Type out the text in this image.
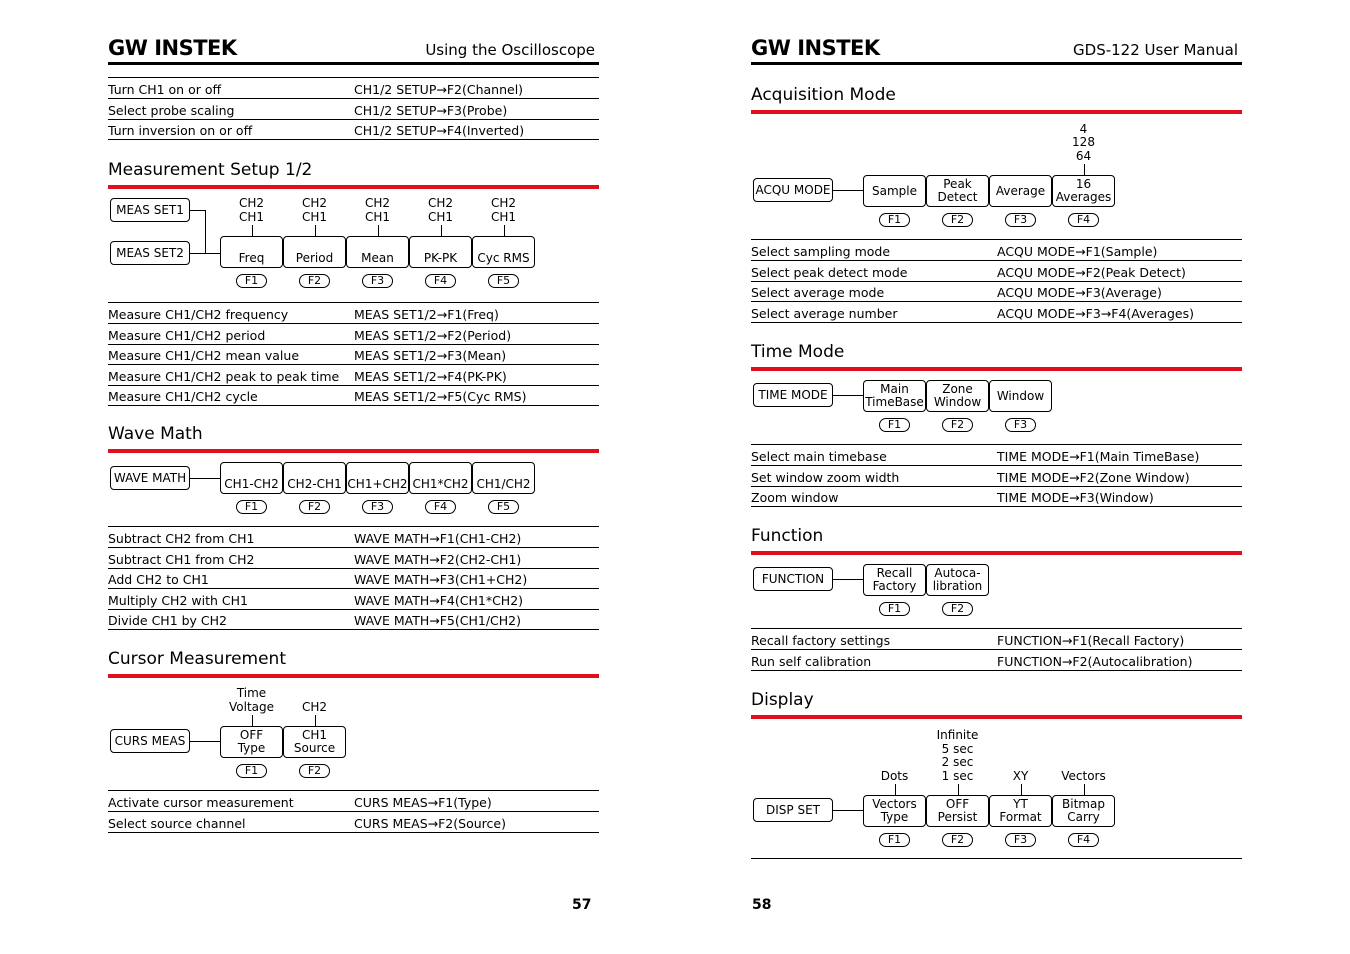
GW INSTEK	Using the Oscilloscope
Turn CH1 on or off	CH1/2 SETUP→F2(Channel)
Select probe scaling	CH1/2 SETUP→F3(Probe)
Turn inversion on or off	CH1/2 SETUP→F4(Inverted)
Measurement Setup 1/2
MEAS SET1
MEAS SET2	Freq
F1
CH2
CH1
Period
F2
CH2
CH1
Mean
F3
CH2
CH1
PK-PK
F4
CH2
CH1
Cyc RMS
F5
CH2
CH1
Measure CH1/CH2 frequency	MEAS SET1/2→F1(Freq)
Measure CH1/CH2 period	MEAS SET1/2→F2(Period)
Measure CH1/CH2 mean value	MEAS SET1/2→F3(Mean)
Measure CH1/CH2 peak to peak time MEAS SET1/2→F4(PK-PK)
Measure CH1/CH2 cycle	MEAS SET1/2→F5(Cyc RMS)
Wave Math
WAVE MATH	CH1-CH2
F1
CH2-CH1
F2
CH1+CH2
F3
CH1*CH2
F4
CH1/CH2
F5
Subtract CH2 from CH1	WAVE MATH→F1(CH1-CH2)
Subtract CH1 from CH2	WAVE MATH→F2(CH2-CH1)
Add CH2 to CH1	WAVE MATH→F3(CH1+CH2)
Multiply CH2 with CH1	WAVE MATH→F4(CH1*CH2)
Divide CH1 by CH2	WAVE MATH→F5(CH1/CH2)
Cursor Measurement
CURS MEAS	OFF
Type
F1
Time
Voltage
CH1
Source
F2
CH2
Activate cursor measurement	CURS MEAS→F1(Type)
Select source channel	CURS MEAS→F2(Source)
57
GW INSTEK	GDS-122 User Manual
Acquisition Mode
ACQU MODE	Sample
F1
Peak
Detect
F2
Average
F3
16
Averages
F4
4
128
64
Select sampling mode	ACQU MODE→F1(Sample)
Select peak detect mode	ACQU MODE→F2(Peak Detect)
Select average mode	ACQU MODE→F3(Average)
Select average number	ACQU MODE→F3→F4(Averages)
Time Mode
TIME MODE	Main
TimeBase
F1
Zone
Window
F2
Window
F3
Select main timebase	TIME MODE→F1(Main TimeBase)
Set window zoom width	TIME MODE→F2(Zone Window)
Zoom window	TIME MODE→F3(Window)
Function
FUNCTION	Recall
Factory
F1
Autoca-
libration
F2
Recall factory settings	FUNCTION→F1(Recall Factory)
Run self calibration	FUNCTION→F2(Autocalibration)
Display
DISP SET	Vectors
Type
F1
Dots
OFF
Persist
F2
Infinite
5 sec
2 sec
1 sec
YT
Format
F3
XY
Bitmap
Carry
F4
Vectors
58
